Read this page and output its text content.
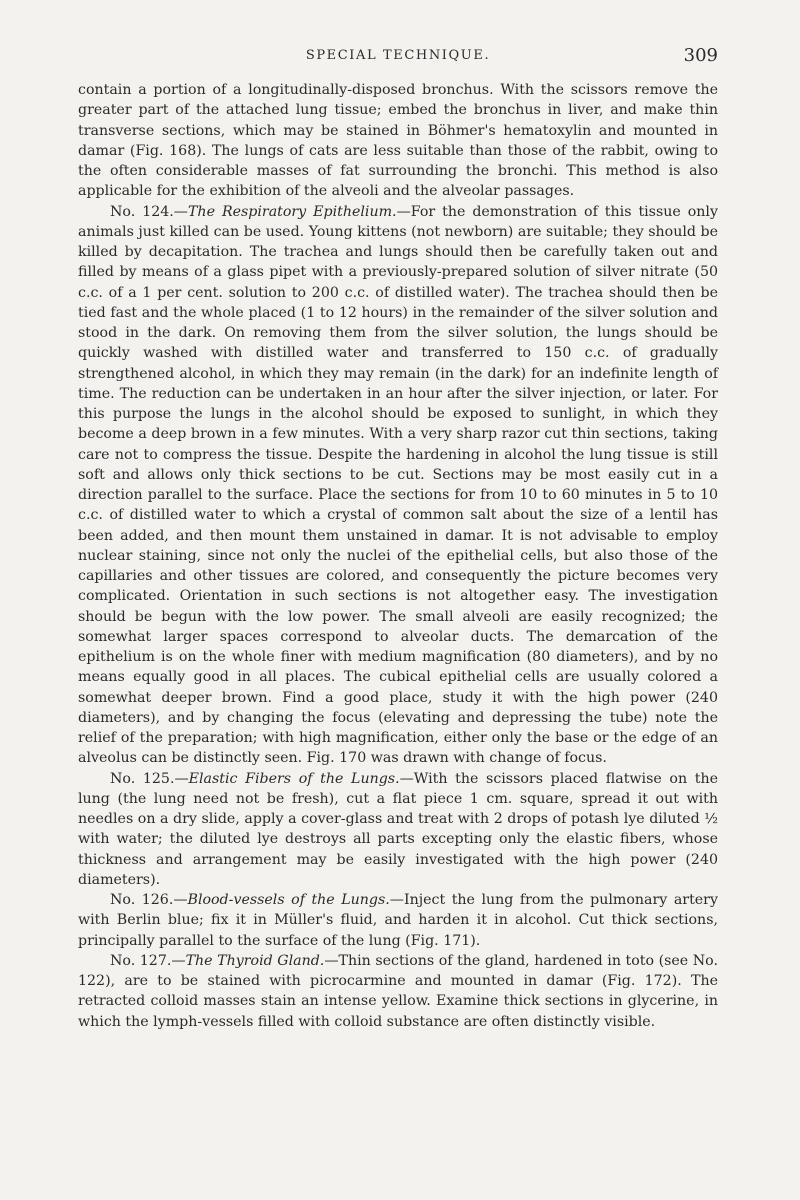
SPECIAL TECHNIQUE.	309

contain a portion of a longitudinally-disposed bronchus. With the scissors remove the greater part of the attached lung tissue; embed the bronchus in liver, and make thin transverse sections, which may be stained in Böhmer's hematoxylin and mounted in damar (Fig. 168). The lungs of cats are less suitable than those of the rabbit, owing to the often considerable masses of fat surrounding the bronchi. This method is also applicable for the exhibition of the alveoli and the alveolar passages.

No. 124.—The Respiratory Epithelium.—For the demonstration of this tissue only animals just killed can be used. Young kittens (not newborn) are suitable; they should be killed by decapitation. The trachea and lungs should then be carefully taken out and filled by means of a glass pipet with a previously-prepared solution of silver nitrate (50 c.c. of a 1 per cent. solution to 200 c.c. of distilled water). The trachea should then be tied fast and the whole placed (1 to 12 hours) in the remainder of the silver solution and stood in the dark. On removing them from the silver solution, the lungs should be quickly washed with distilled water and transferred to 150 c.c. of gradually strengthened alcohol, in which they may remain (in the dark) for an indefinite length of time. The reduction can be undertaken in an hour after the silver injection, or later. For this purpose the lungs in the alcohol should be exposed to sunlight, in which they become a deep brown in a few minutes. With a very sharp razor cut thin sections, taking care not to compress the tissue. Despite the hardening in alcohol the lung tissue is still soft and allows only thick sections to be cut. Sections may be most easily cut in a direction parallel to the surface. Place the sections for from 10 to 60 minutes in 5 to 10 c.c. of distilled water to which a crystal of common salt about the size of a lentil has been added, and then mount them unstained in damar. It is not advisable to employ nuclear staining, since not only the nuclei of the epithelial cells, but also those of the capillaries and other tissues are colored, and consequently the picture becomes very complicated. Orientation in such sections is not altogether easy. The investigation should be begun with the low power. The small alveoli are easily recognized; the somewhat larger spaces correspond to alveolar ducts. The demarcation of the epithelium is on the whole finer with medium magnification (80 diameters), and by no means equally good in all places. The cubical epithelial cells are usually colored a somewhat deeper brown. Find a good place, study it with the high power (240 diameters), and by changing the focus (elevating and depressing the tube) note the relief of the preparation; with high magnification, either only the base or the edge of an alveolus can be distinctly seen. Fig. 170 was drawn with change of focus.

No. 125.—Elastic Fibers of the Lungs.—With the scissors placed flatwise on the lung (the lung need not be fresh), cut a flat piece 1 cm. square, spread it out with needles on a dry slide, apply a cover-glass and treat with 2 drops of potash lye diluted ½ with water; the diluted lye destroys all parts excepting only the elastic fibers, whose thickness and arrangement may be easily investigated with the high power (240 diameters).

No. 126.—Blood-vessels of the Lungs.—Inject the lung from the pulmonary artery with Berlin blue; fix it in Müller's fluid, and harden it in alcohol. Cut thick sections, principally parallel to the surface of the lung (Fig. 171).

No. 127.—The Thyroid Gland.—Thin sections of the gland, hardened in toto (see No. 122), are to be stained with picrocarmine and mounted in damar (Fig. 172). The retracted colloid masses stain an intense yellow. Examine thick sections in glycerine, in which the lymph-vessels filled with colloid substance are often distinctly visible.
